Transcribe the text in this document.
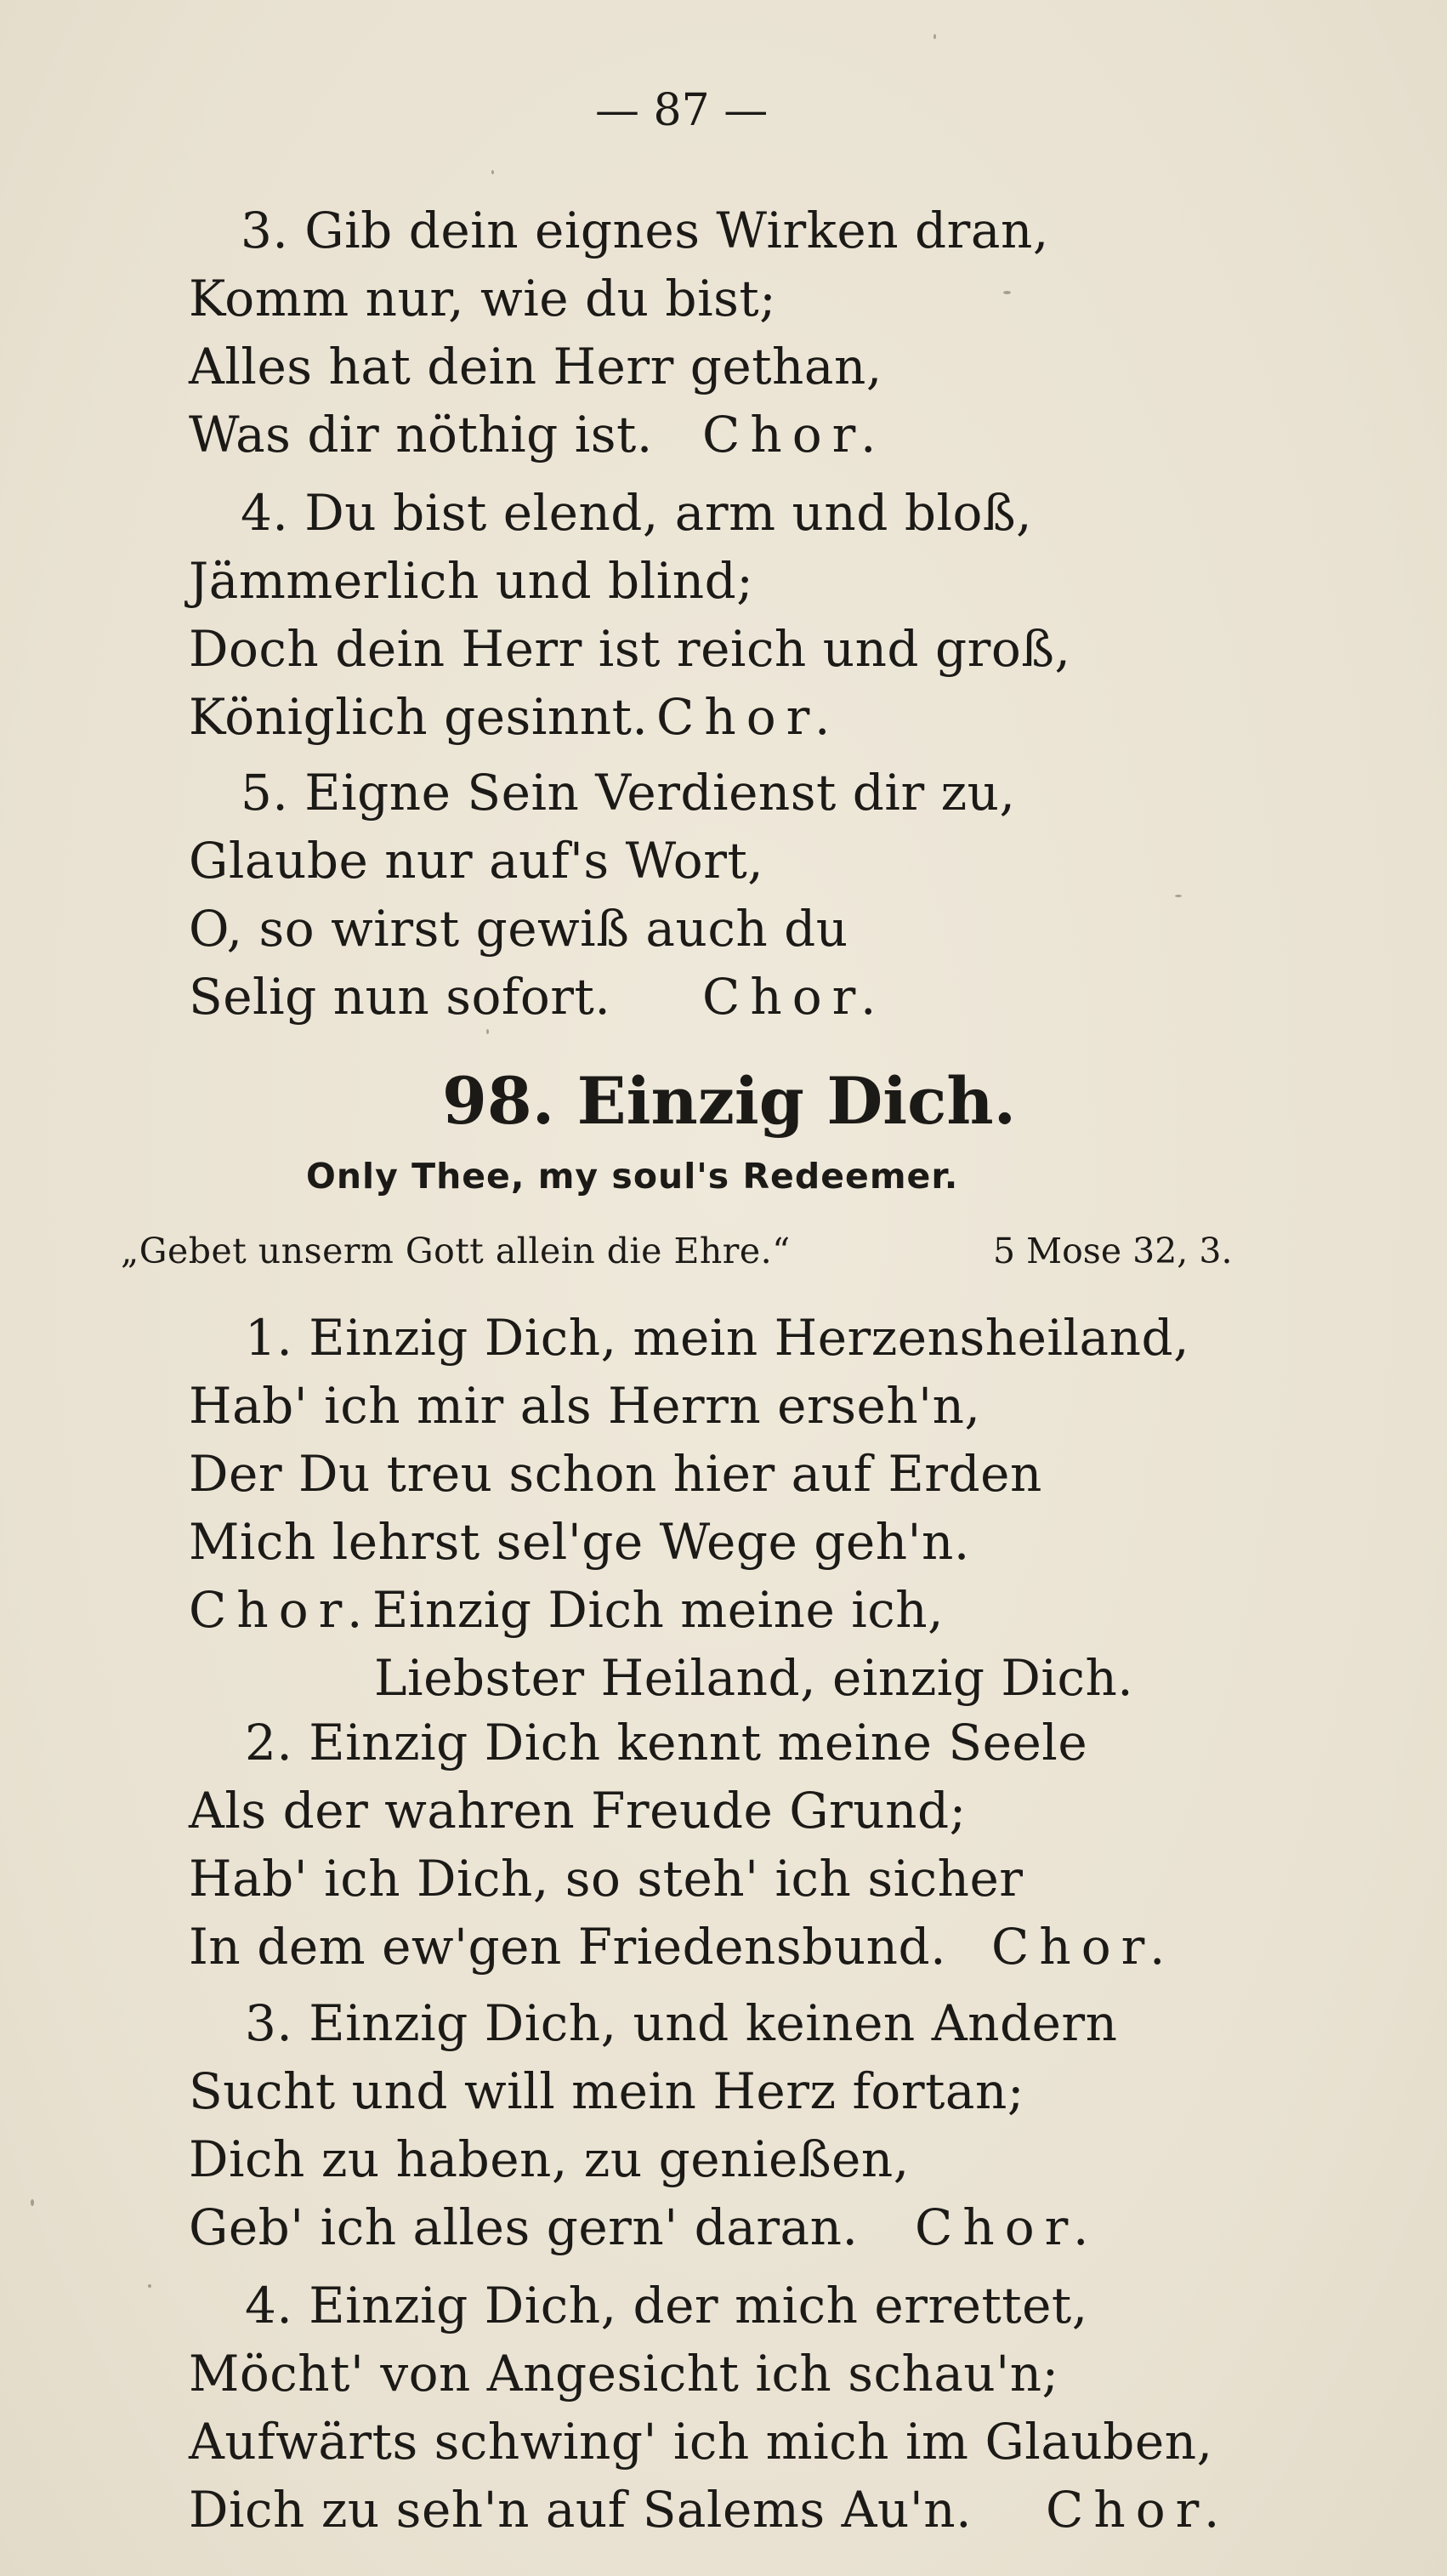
— 87 —
3. Gib dein eignes Wirken dran,
Komm nur, wie du bist;
Alles hat dein Herr gethan,
Was dir nöthig ist. Chor.
4. Du bist elend, arm und bloß,
Jämmerlich und blind;
Doch dein Herr ist reich und groß,
Königlich gesinnt. Chor.
5. Eigne Sein Verdienst dir zu,
Glaube nur auf's Wort,
O, so wirst gewiß auch du
Selig nun sofort. Chor.
98. Einzig Dich.
Only Thee, my soul's Redeemer.
„Gebet unserm Gott allein die Ehre.“	5 Mose 32, 3.
1. Einzig Dich, mein Herzensheiland,
Hab' ich mir als Herrn erseh'n,
Der Du treu schon hier auf Erden
Mich lehrst sel'ge Wege geh'n.
Chor. Einzig Dich meine ich,
Liebster Heiland, einzig Dich.
2. Einzig Dich kennt meine Seele
Als der wahren Freude Grund;
Hab' ich Dich, so steh' ich sicher
In dem ew'gen Friedensbund. Chor.
3. Einzig Dich, und keinen Andern
Sucht und will mein Herz fortan;
Dich zu haben, zu genießen,
Geb' ich alles gern' daran. Chor.
4. Einzig Dich, der mich errettet,
Möcht' von Angesicht ich schau'n;
Aufwärts schwing' ich mich im Glauben,
Dich zu seh'n auf Salems Au'n. Chor.
